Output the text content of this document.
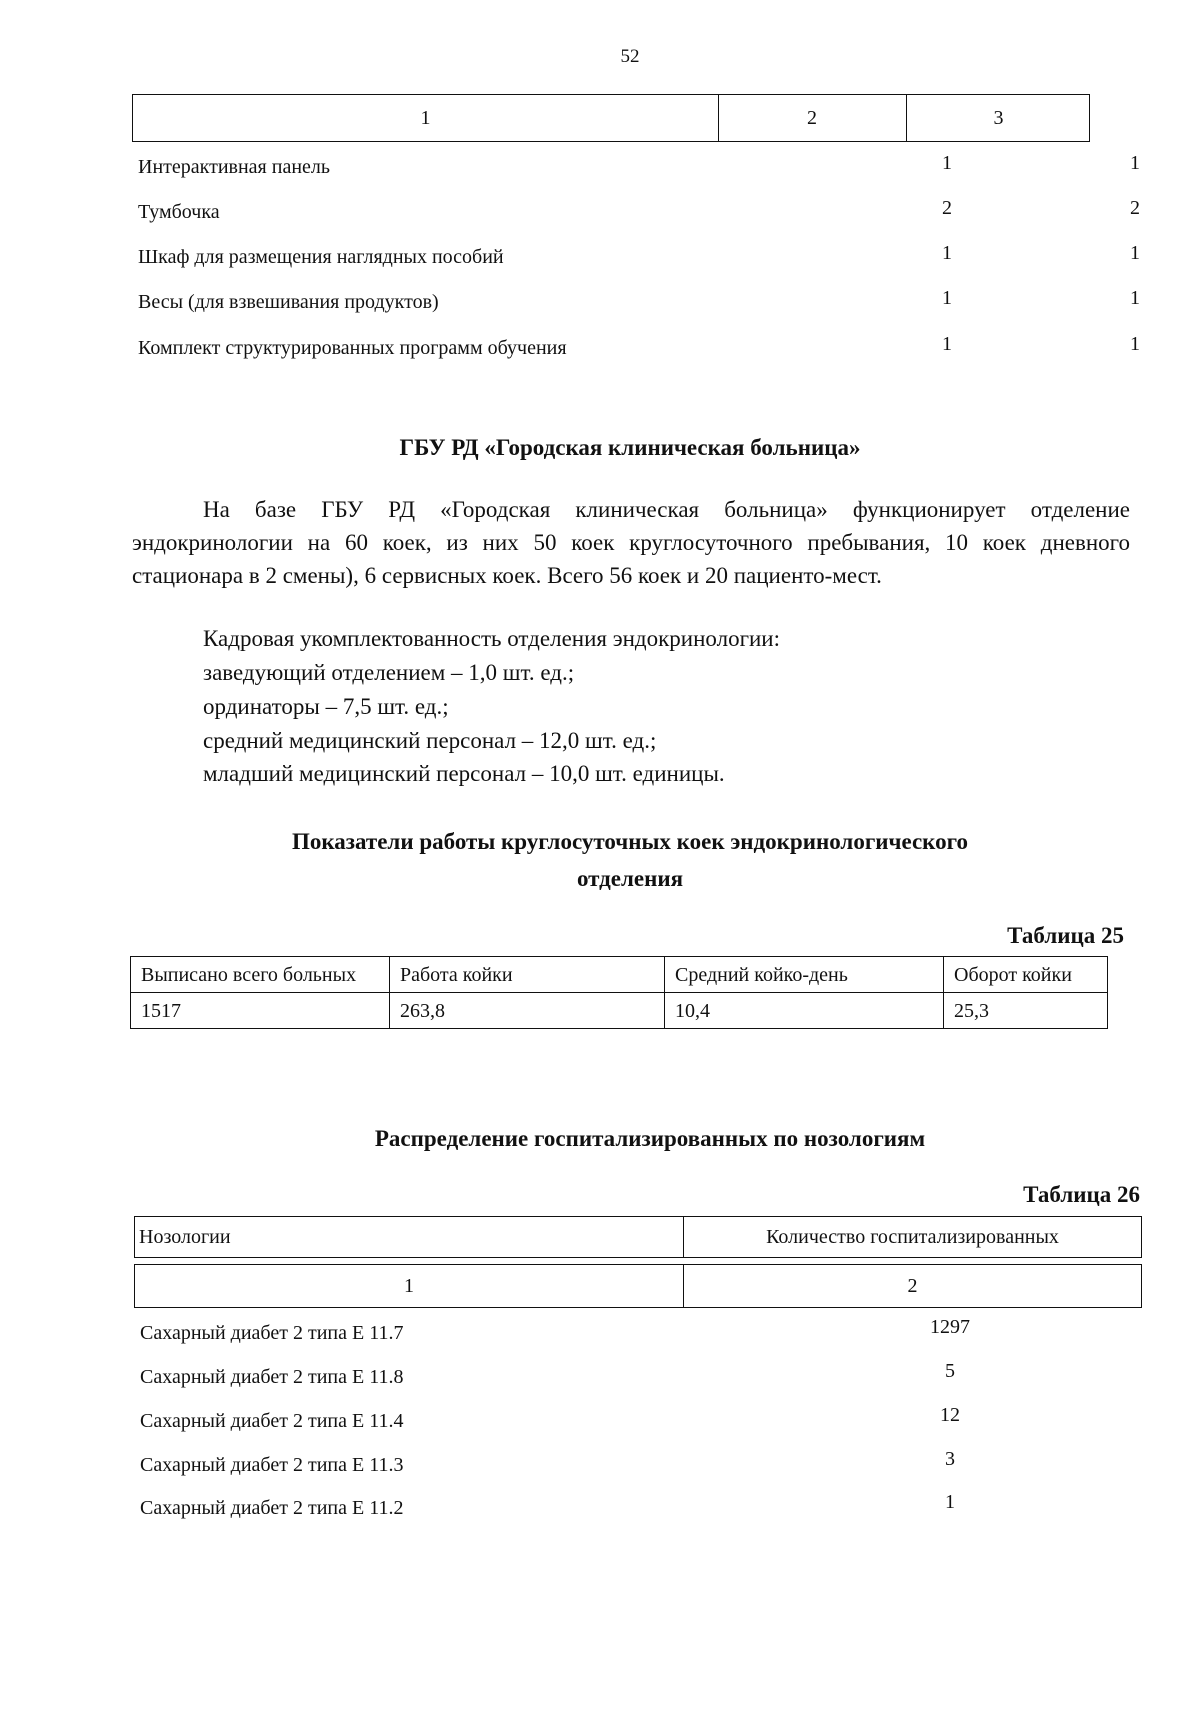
52
1	2	3
Интерактивная панель	1	1
Тумбочка	2	2
Шкаф для размещения наглядных пособий	1	1
Весы (для взвешивания продуктов)	1	1
Комплект структурированных программ обучения	1	1
ГБУ РД «Городская клиническая больница»

На базе ГБУ РД «Городская клиническая больница» функционирует отделение эндокринологии на 60 коек, из них 50 коек круглосуточного пребывания, 10 коек дневного стационара в 2 смены), 6 сервисных коек. Всего 56 коек и 20 пациенто-мест.

Кадровая укомплектованность отделения эндокринологии:
заведующий отделением – 1,0 шт. ед.;
ординаторы – 7,5 шт. ед.;
средний медицинский персонал – 12,0 шт. ед.;
младший медицинский персонал – 10,0 шт. единицы.
Показатели работы круглосуточных коек эндокринологического
отделения
Таблица 25
Выписано всего больных	Работа койки	Средний койко-день	Оборот койки
1517	263,8	10,4	25,3
Распределение госпитализированных по нозологиям
Таблица 26
Нозологии	Количество госпитализированных

1	2
Сахарный диабет 2 типа Е 11.7	1297
Сахарный диабет 2 типа Е 11.8	5
Сахарный диабет 2 типа Е 11.4	12
Сахарный диабет 2 типа Е 11.3	3
Сахарный диабет 2 типа Е 11.2	1
